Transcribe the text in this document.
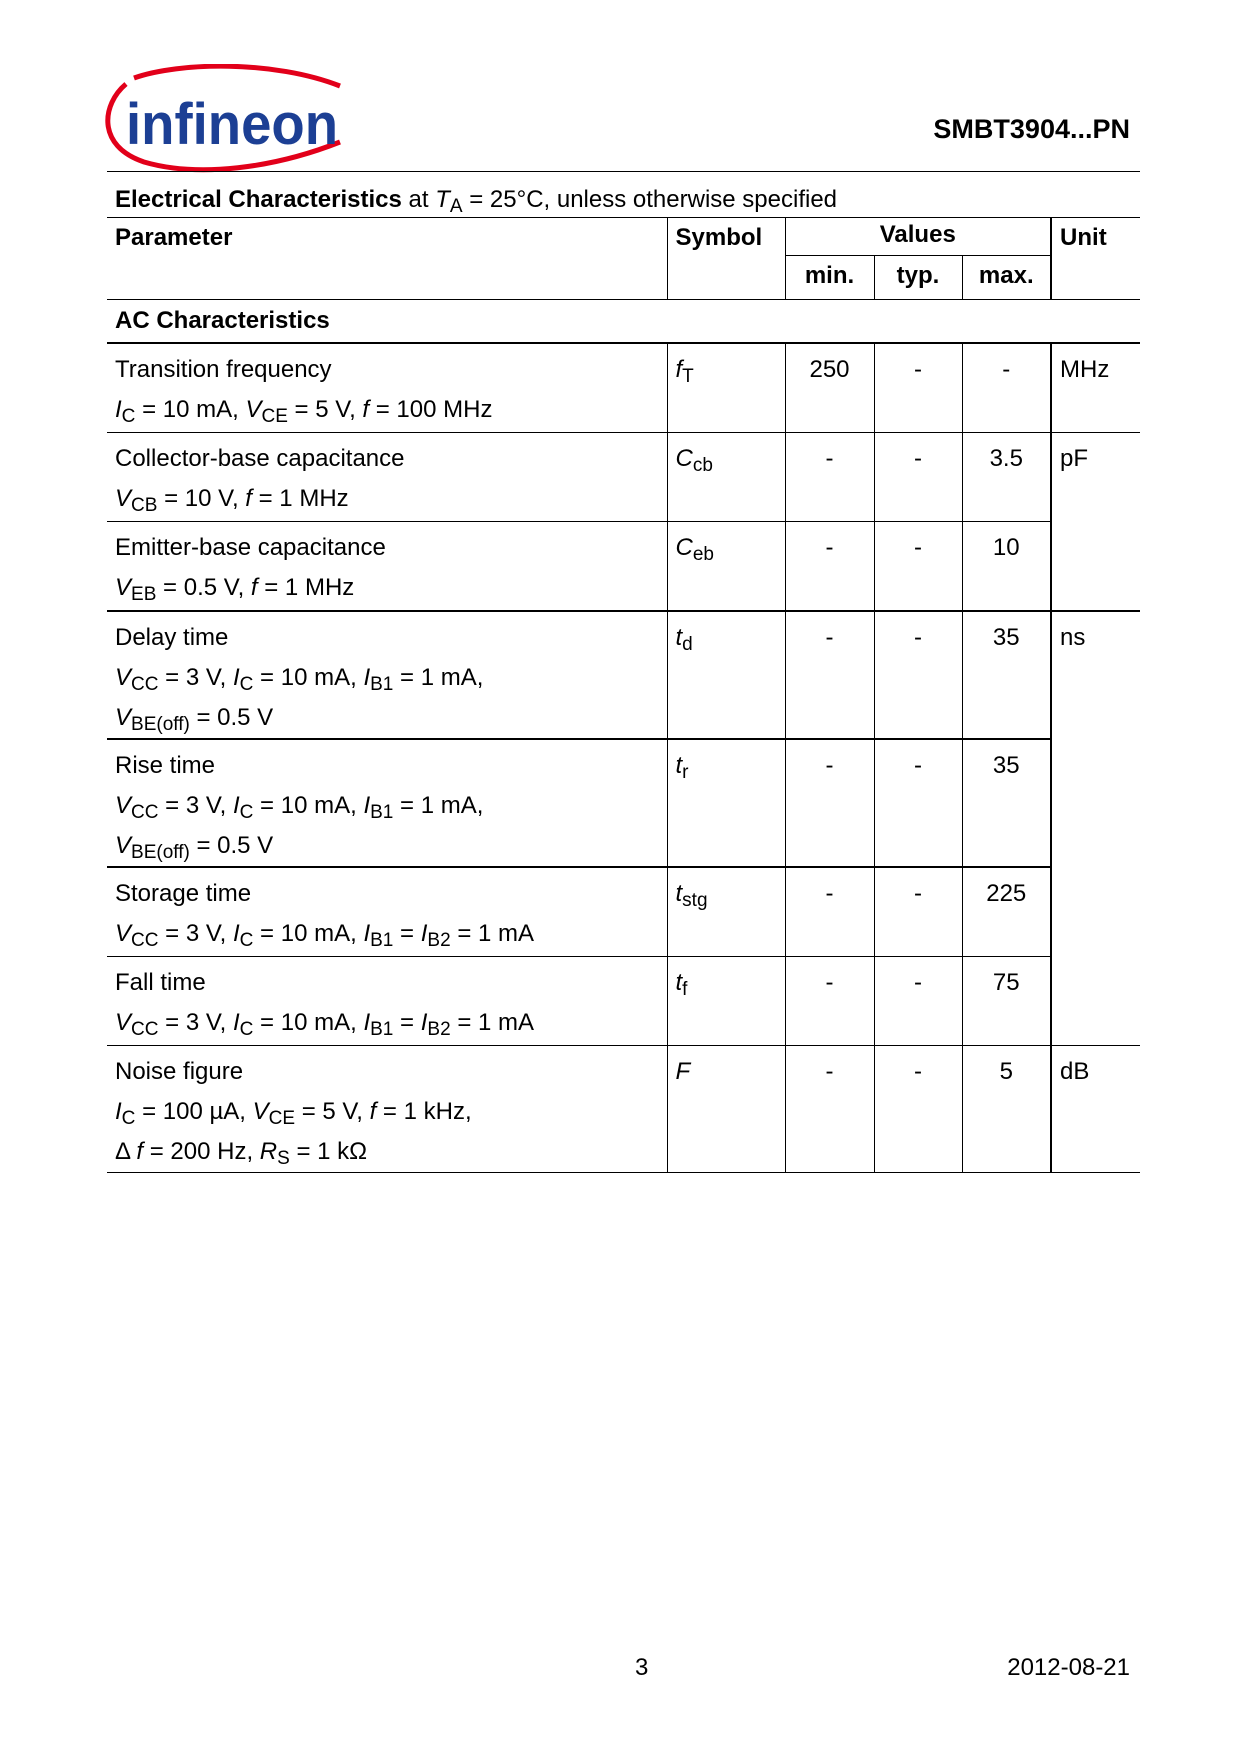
infineon	SMBT3904...PN
Electrical Characteristics at $T_A = 25^\circ C$, unless otherwise specified
Parameter	Symbol	Values			Unit
		min.	typ.	max.	
AC Characteristics					

Transition frequency
$I_C = 10$ mA, $V_{CE} = 5$ V, f = 100 MHz	$f_T$	250	-	-	MHz

Collector-base capacitance
$V_{CB} = 10$ V, f = 1 MHz	$C_{cb}$	-	-	3.5	pF

Emitter-base capacitance
$V_{EB} = 0.5$ V, f = 1 MHz	$C_{eb}$	-	-	10	

Delay time
$V_{CC} = 3$ V, $I_C = 10$ mA, $I_{B1} = 1$ mA,
$V_{BE(off)} = 0.5$ V	$t_d$	-	-	35	ns

Rise time
$V_{CC} = 3$ V, $I_C = 10$ mA, $I_{B1} = 1$ mA,
$V_{BE(off)} = 0.5$ V	$t_r$	-	-	35	

Storage time
$V_{CC} = 3$ V, $I_C = 10$ mA, $I_{B1} = I_{B2} = 1$ mA	$t_{stg}$	-	-	225	

Fall time
$V_{CC} = 3$ V, $I_C = 10$ mA, $I_{B1} = I_{B2} = 1$ mA	$t_f$	-	-	75	

Noise figure
$I_C = 100$ µA, $V_{CE} = 5$ V, f = 1 kHz,
Δ f = 200 Hz, $R_S = 1$ kΩ	F	-	-	5	dB
3	2012-08-21
